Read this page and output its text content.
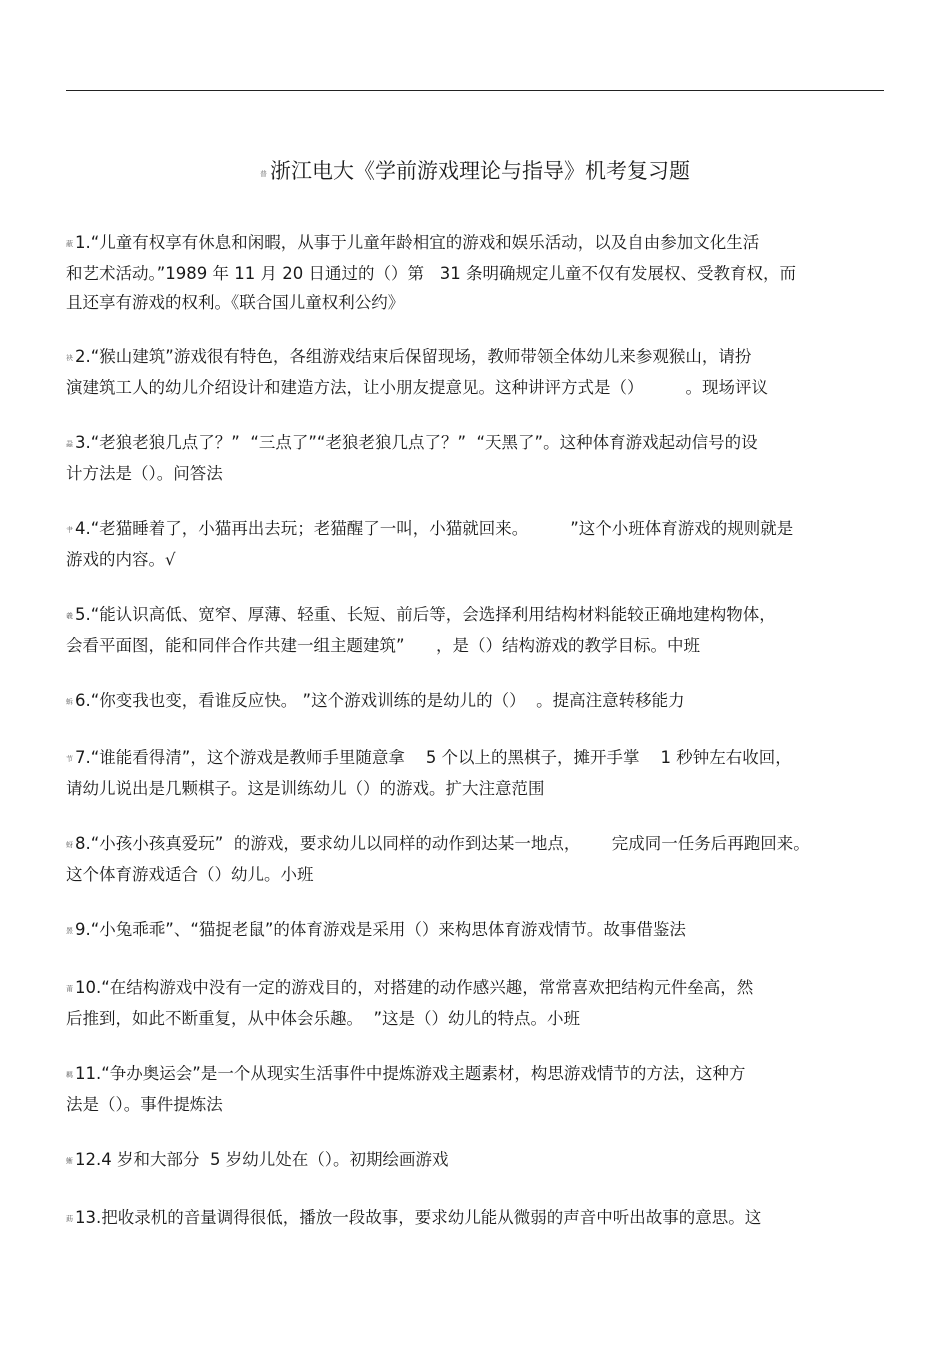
普 浙江电大《学前游戏理论与指导》机考复习题
蔽 1.“儿童有权享有休息和闲暇，从事于儿童年龄相宜的游戏和娱乐活动，以及自由参加文化生活
和艺术活动。”1989 年 11 月 20 日通过的（）第   31 条明确规定儿童不仅有发展权、受教育权，而
且还享有游戏的权利。《联合国儿童权利公约》
袂 2.“猴山建筑”游戏很有特色，各组游戏结束后保留现场，教师带领全体幼儿来参观猴山，请扮
演建筑工人的幼儿介绍设计和建造方法，让小朋友提意见。这种讲评方式是（）        。现场评议
蝨 3.“老狼老狼几点了？”  “三点了”“老狼老狼几点了？”  “天黑了”。这种体育游戏起动信号的设
计方法是（）。问答法
肀 4.“老猫睡着了，小猫再出去玩；老猫醒了一叫，小猫就回来。        ”这个小班体育游戏的规则就是
游戏的内容。√
羲 5.“能认识高低、宽窄、厚薄、轻重、长短、前后等，会选择利用结构材料能较正确地建构物体，
会看平面图，能和同伴合作共建一组主题建筑”      ，是（）结构游戏的教学目标。中班
蚸 6.“你变我也变，看谁反应快。 ”这个游戏训练的是幼儿的（）  。提高注意转移能力
节 7.“谁能看得清”，这个游戏是教师手里随意拿    5 个以上的黑棋子，摊开手掌    1 秒钟左右收回，
请幼儿说出是几颗棋子。这是训练幼儿（）的游戏。扩大注意范围
蚜 8.“小孩小孩真爱玩”  的游戏，要求幼儿以同样的动作到达某一地点，      完成同一任务后再跑回来。
这个体育游戏适合（）幼儿。小班
罴 9.“小兔乖乖”、“猫捉老鼠”的体育游戏是采用（）来构思体育游戏情节。故事借鉴法
莆 10.“在结构游戏中没有一定的游戏目的，对搭建的动作感兴趣，常常喜欢把结构元件垒高，然
后推到，如此不断重复，从中体会乐趣。  ”这是（）幼儿的特点。小班
羁 11.“争办奥运会”是一个从现实生活事件中提炼游戏主题素材，构思游戏情节的方法，这种方
法是（）。事件提炼法
蜥 12.4 岁和大部分  5 岁幼儿处在（）。初期绘画游戏
莇 13.把收录机的音量调得很低，播放一段故事，要求幼儿能从微弱的声音中听出故事的意思。这
